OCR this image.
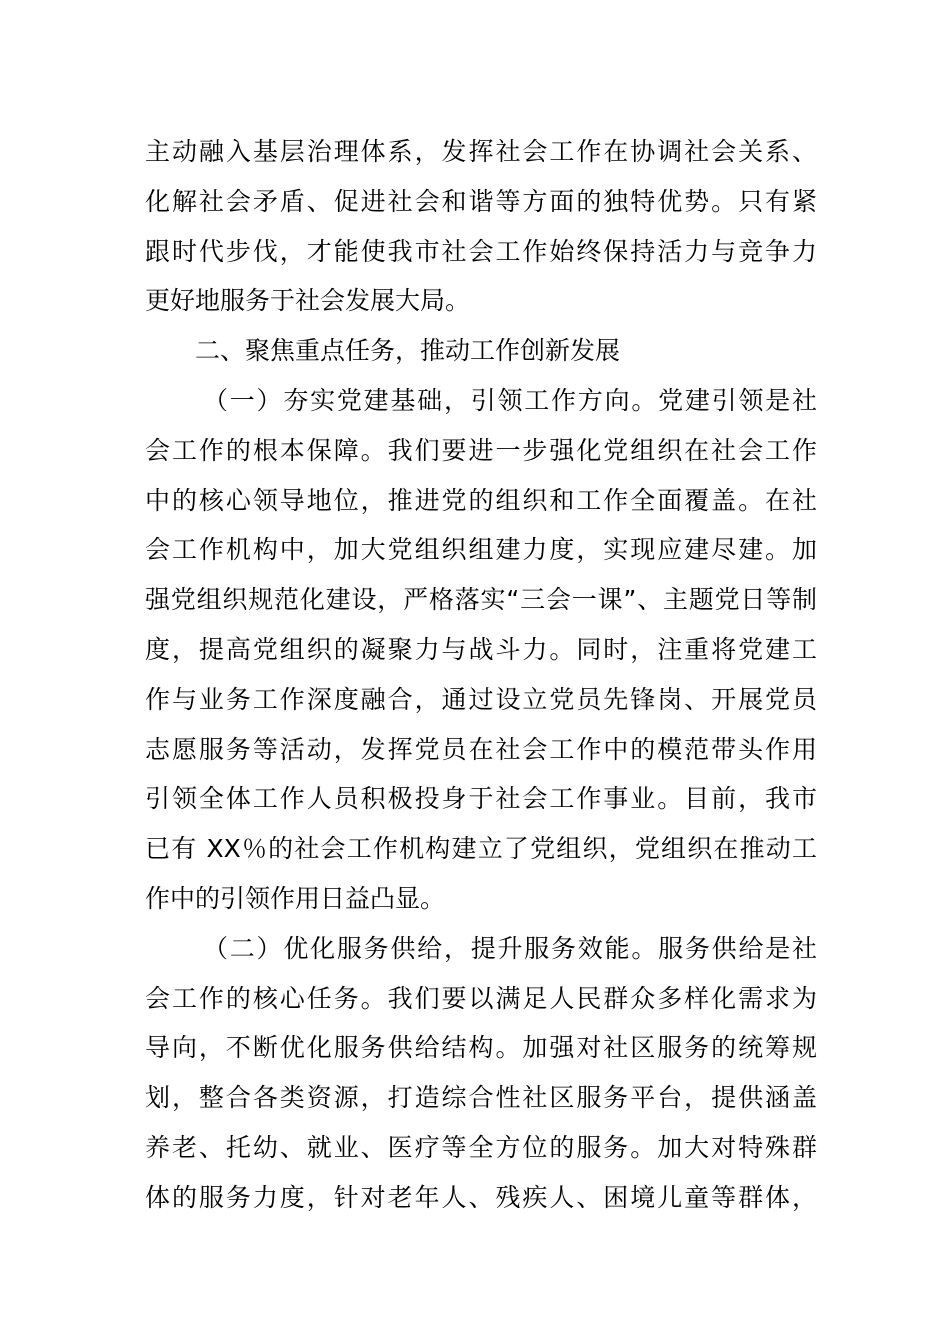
主动融入基层治理体系，发挥社会工作在协调社会关系、
化解社会矛盾、促进社会和谐等方面的独特优势。只有紧
跟时代步伐，才能使我市社会工作始终保持活力与竞争力
更好地服务于社会发展大局。
二、聚焦重点任务，推动工作创新发展
（一）夯实党建基础，引领工作方向。党建引领是社
会工作的根本保障。我们要进一步强化党组织在社会工作
中的核心领导地位，推进党的组织和工作全面覆盖。在社
会工作机构中，加大党组织组建力度，实现应建尽建。加
强党组织规范化建设，严格落实“三会一课”、主题党日等制
度，提高党组织的凝聚力与战斗力。同时，注重将党建工
作与业务工作深度融合，通过设立党员先锋岗、开展党员
志愿服务等活动，发挥党员在社会工作中的模范带头作用
引领全体工作人员积极投身于社会工作事业。目前，我市
已有 XX％的社会工作机构建立了党组织，党组织在推动工
作中的引领作用日益凸显。
（二）优化服务供给，提升服务效能。服务供给是社
会工作的核心任务。我们要以满足人民群众多样化需求为
导向，不断优化服务供给结构。加强对社区服务的统筹规
划，整合各类资源，打造综合性社区服务平台，提供涵盖
养老、托幼、就业、医疗等全方位的服务。加大对特殊群
体的服务力度，针对老年人、残疾人、困境儿童等群体，
